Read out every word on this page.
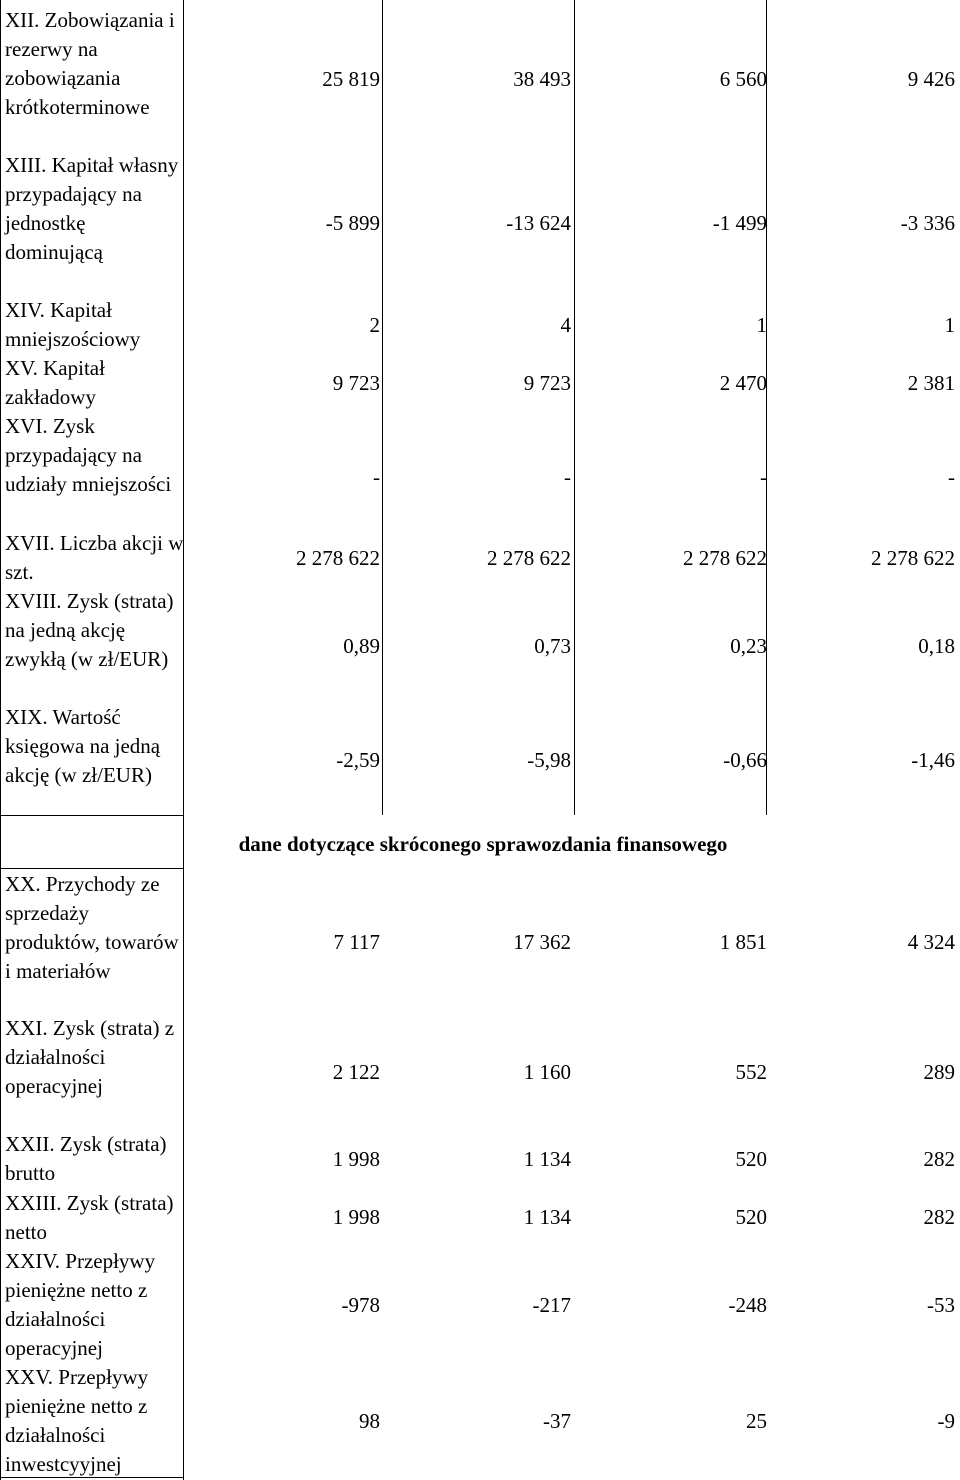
XII. Zobowiązania i rezerwy na zobowiązania krótkoterminowe
25 819	38 493	6 560	9 426
XIII. Kapitał własny przypadający na jednostkę dominującą
-5 899	-13 624	-1 499	-3 336
XIV. Kapitał mniejszościowy
2	4	1	1
XV. Kapitał zakładowy
9 723	9 723	2 470	2 381
XVI. Zysk przypadający na udziały mniejszości	-	-	-	-
XVII. Liczba akcji w szt.
2 278 622	2 278 622	2 278 622	2 278 622
XVIII. Zysk (strata) na jedną akcję zwykłą (w zł/EUR)
0,89	0,73	0,23	0,18
XIX. Wartość księgowa na jedną akcję (w zł/EUR)
-2,59	-5,98	-0,66	-1,46
dane dotyczące skróconego sprawozdania finansowego
XX. Przychody ze sprzedaży produktów, towarów i materiałów
7 117	17 362	1 851	4 324
XXI. Zysk (strata) z działalności operacyjnej
2 122	1 160	552	289
XXII. Zysk (strata) brutto
1 998	1 134	520	282
XXIII. Zysk (strata) netto
1 998	1 134	520	282
XXIV. Przepływy pieniężne netto z działalności operacyjnej
-978	-217	-248	-53
XXV. Przepływy pieniężne netto z działalności inwestcyyjnej
98	-37	25	-9
